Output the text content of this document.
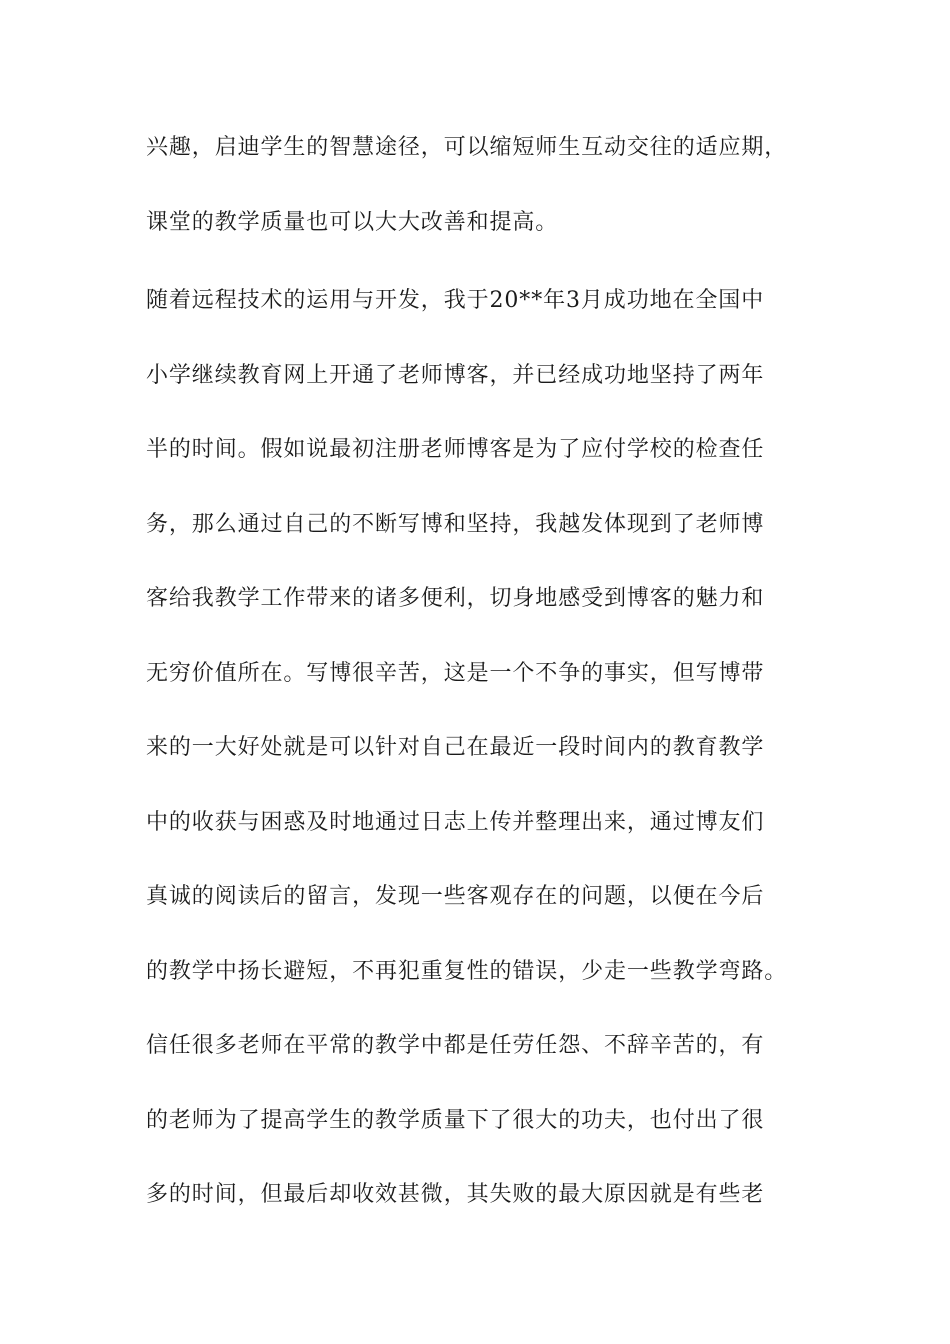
兴趣，启迪学生的智慧途径，可以缩短师生互动交往的适应期，
课堂的教学质量也可以大大改善和提高。
随着远程技术的运用与开发，我于20**年3月成功地在全国中
小学继续教育网上开通了老师博客，并已经成功地坚持了两年
半的时间。假如说最初注册老师博客是为了应付学校的检查任
务，那么通过自己的不断写博和坚持，我越发体现到了老师博
客给我教学工作带来的诸多便利，切身地感受到博客的魅力和
无穷价值所在。写博很辛苦，这是一个不争的事实，但写博带
来的一大好处就是可以针对自己在最近一段时间内的教育教学
中的收获与困惑及时地通过日志上传并整理出来，通过博友们
真诚的阅读后的留言，发现一些客观存在的问题，以便在今后
的教学中扬长避短，不再犯重复性的错误，少走一些教学弯路。
信任很多老师在平常的教学中都是任劳任怨、不辞辛苦的，有
的老师为了提高学生的教学质量下了很大的功夫，也付出了很
多的时间，但最后却收效甚微，其失败的最大原因就是有些老
